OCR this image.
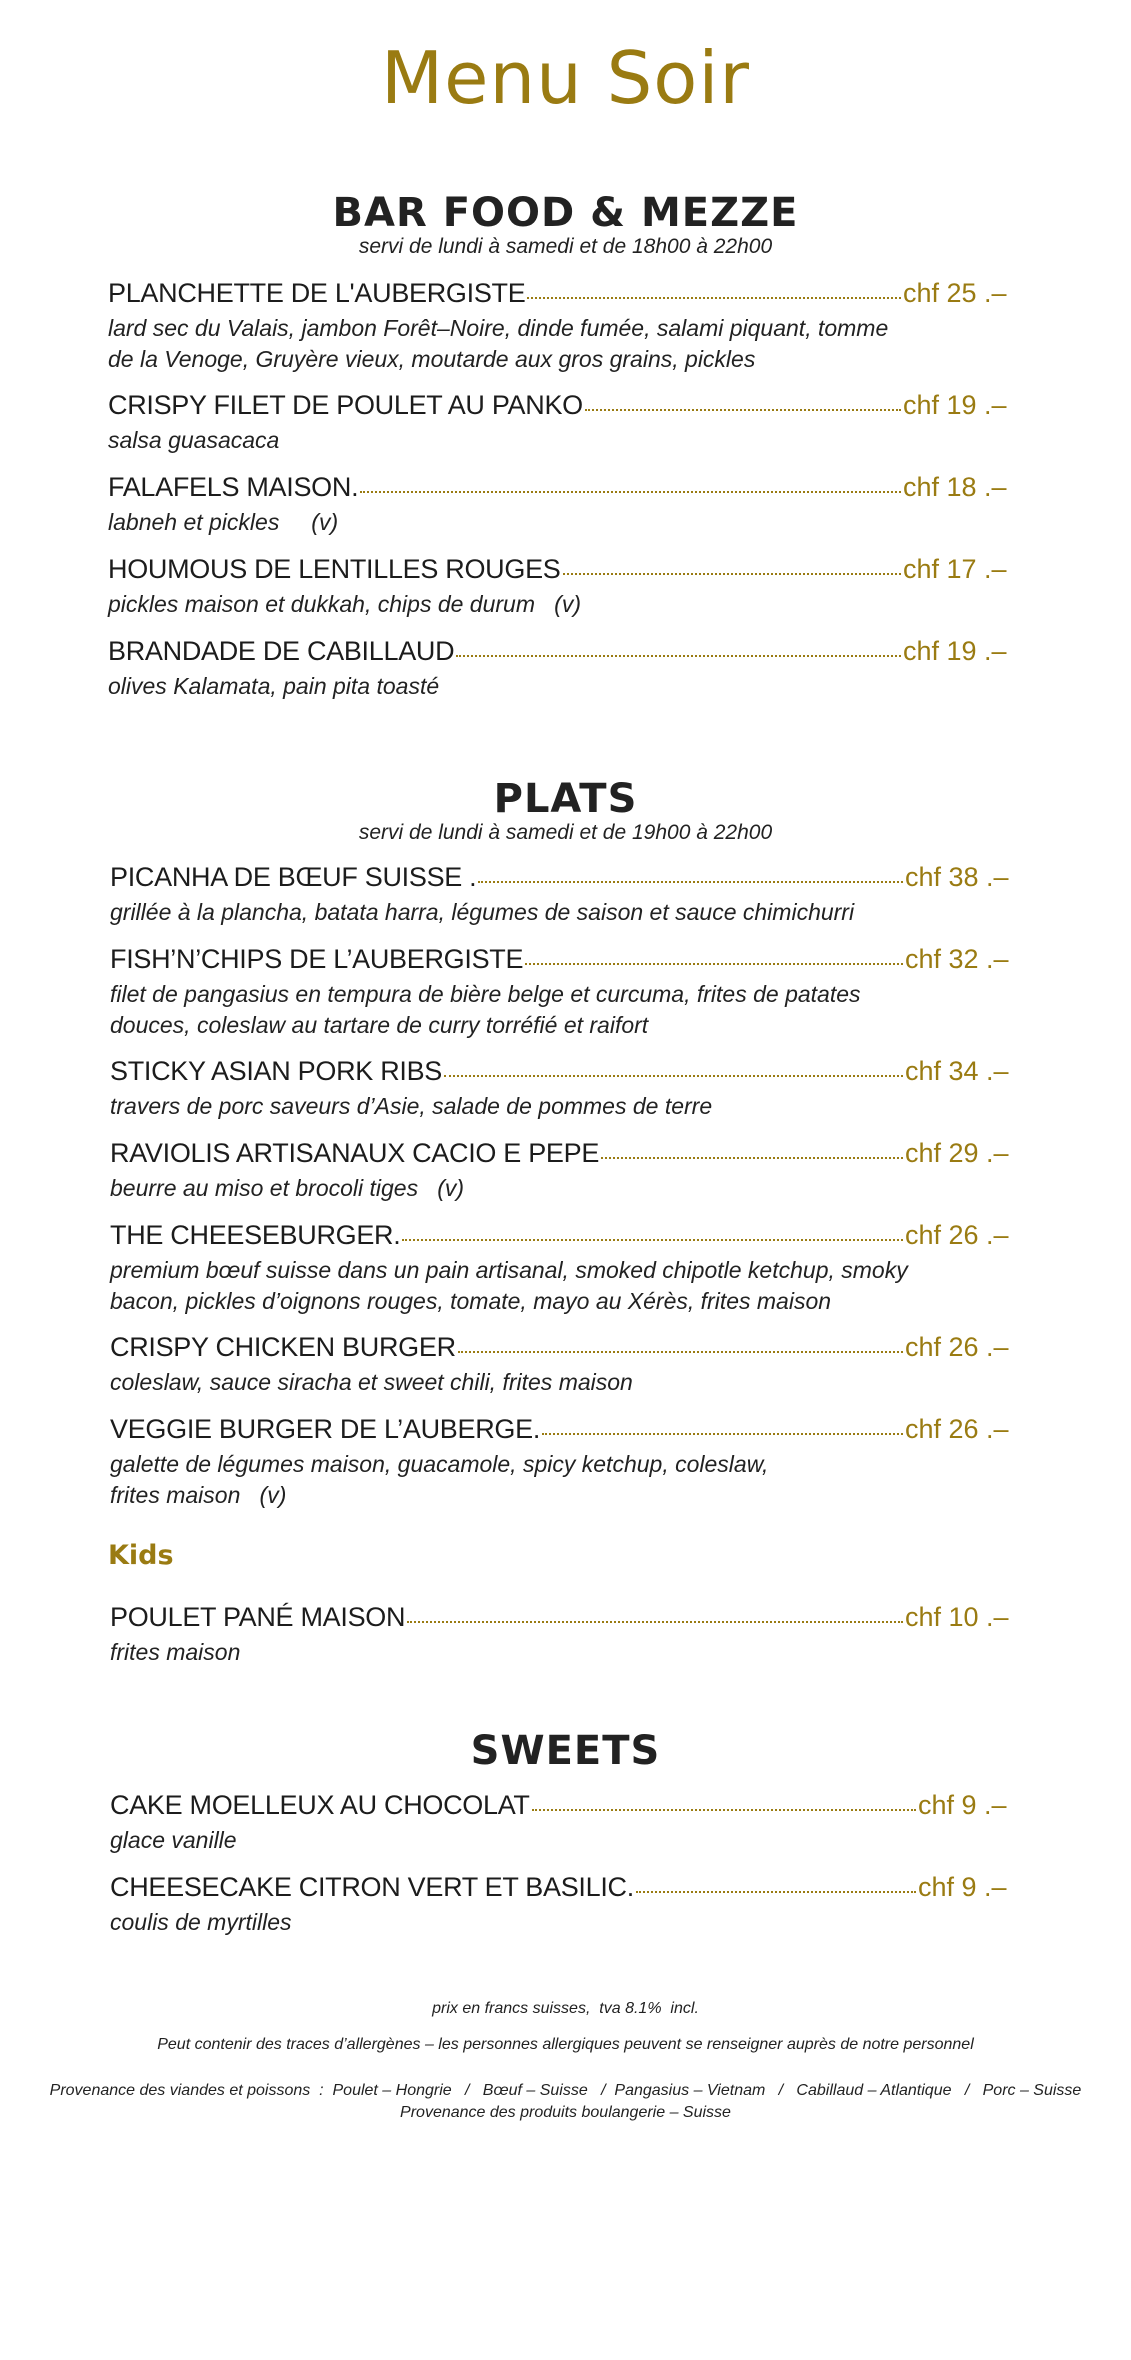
Menu Soir
BAR FOOD & MEZZE
servi de lundi à samedi et de 18h00 à 22h00
PLANCHETTE DE L'AUBERGISTE	chf 25 .–
lard sec du Valais, jambon Forêt–Noire, dinde fumée, salami piquant, tomme de la Venoge, Gruyère vieux, moutarde aux gros grains, pickles
CRISPY FILET DE POULET AU PANKO	chf 19 .–
salsa guasacaca
FALAFELS MAISON.	chf 18 .–
labneh et pickles     (v)
HOUMOUS DE LENTILLES ROUGES	chf 17 .–
pickles maison et dukkah, chips de durum   (v)
BRANDADE DE CABILLAUD	chf 19 .–
olives Kalamata, pain pita toasté
PLATS
servi de lundi à samedi et de 19h00 à 22h00
PICANHA DE BŒUF SUISSE .	chf 38 .–
grillée à la plancha, batata harra, légumes de saison et sauce chimichurri
FISH’N’CHIPS DE L’AUBERGISTE	chf 32 .–
filet de pangasius en tempura de bière belge et curcuma, frites de patates douces, coleslaw au tartare de curry torréfié et raifort
STICKY ASIAN PORK RIBS	chf 34 .–
travers de porc saveurs d’Asie, salade de pommes de terre
RAVIOLIS ARTISANAUX CACIO E PEPE	chf 29 .–
beurre au miso et brocoli tiges   (v)
THE CHEESEBURGER.	chf 26 .–
premium bœuf suisse dans un pain artisanal, smoked chipotle ketchup, smoky bacon, pickles d’oignons rouges, tomate, mayo au Xérès, frites maison
CRISPY CHICKEN BURGER	chf 26 .–
coleslaw, sauce siracha et sweet chili, frites maison
VEGGIE BURGER DE L’AUBERGE.	chf 26 .–
galette de légumes maison, guacamole, spicy ketchup, coleslaw, frites maison   (v)
Kids
POULET PANÉ MAISON	chf 10 .–
frites maison
SWEETS
CAKE MOELLEUX AU CHOCOLAT	chf 9 .–
glace vanille
CHEESECAKE CITRON VERT ET BASILIC.	chf 9 .–
coulis de myrtilles
prix en francs suisses,  tva 8.1%  incl.
Peut contenir des traces d’allergènes – les personnes allergiques peuvent se renseigner auprès de notre personnel
Provenance des viandes et poissons  :  Poulet – Hongrie   /   Bœuf – Suisse   /  Pangasius – Vietnam   /   Cabillaud – Atlantique   /   Porc – Suisse
Provenance des produits boulangerie – Suisse
